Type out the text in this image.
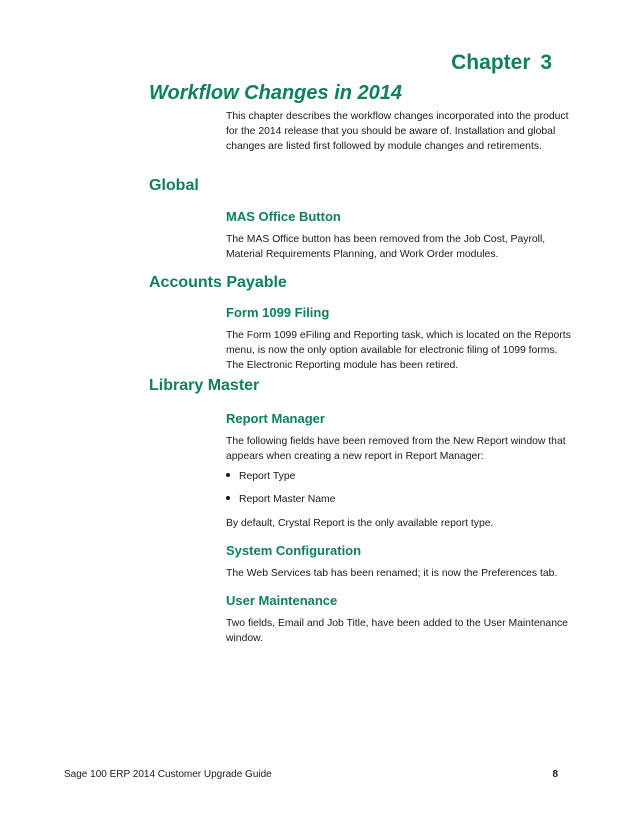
Chapter 3
Workflow Changes in 2014
This chapter describes the workflow changes incorporated into the product for the 2014 release that you should be aware of. Installation and global changes are listed first followed by module changes and retirements.
Global
MAS Office Button
The MAS Office button has been removed from the Job Cost, Payroll, Material Requirements Planning, and Work Order modules.
Accounts Payable
Form 1099 Filing
The Form 1099 eFiling and Reporting task, which is located on the Reports menu, is now the only option available for electronic filing of 1099 forms. The Electronic Reporting module has been retired.
Library Master
Report Manager
The following fields have been removed from the New Report window that appears when creating a new report in Report Manager:
Report Type
Report Master Name
By default, Crystal Report is the only available report type.
System Configuration
The Web Services tab has been renamed; it is now the Preferences tab.
User Maintenance
Two fields, Email and Job Title, have been added to the User Maintenance window.
Sage 100 ERP 2014 Customer Upgrade Guide	8
